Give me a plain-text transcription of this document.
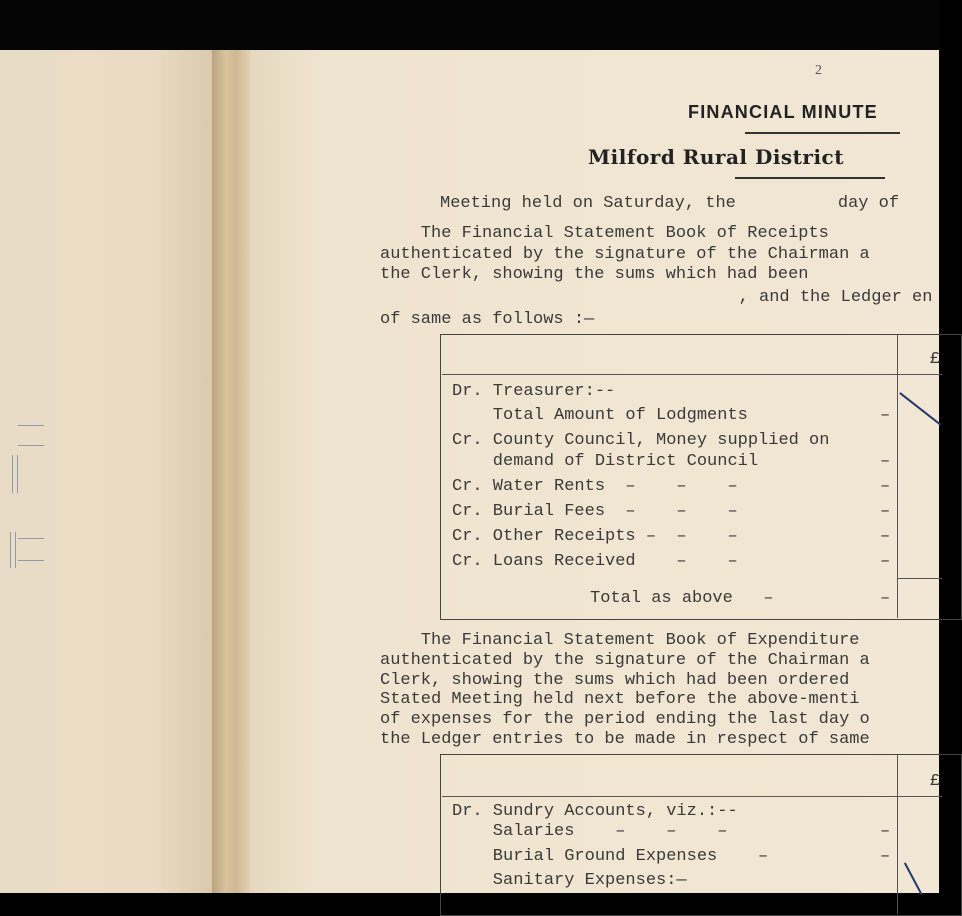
2
FINANCIAL MINUTE
Milford Rural District
Meeting held on Saturday, the          day of
The Financial Statement Book of Receipts
authenticated by the signature of the Chairman a
the Clerk, showing the sums which had been
, and the Ledger en
of same as follows :—
£
Dr. Treasurer:--
Total Amount of Lodgments	–
Cr. County Council, Money supplied on
demand of District Council	–
Cr. Water Rents  –    –    –	–
Cr. Burial Fees  –    –    –	–
Cr. Other Receipts –  –    –	–
Cr. Loans Received    –    –	–
Total as above   –	–
The Financial Statement Book of Expenditure
authenticated by the signature of the Chairman a
Clerk, showing the sums which had been ordered
Stated Meeting held next before the above-menti
of expenses for the period ending the last day o
the Ledger entries to be made in respect of same
£
Dr. Sundry Accounts, viz.:--
Salaries    –    –    –	–
Burial Ground Expenses    –	–
Sanitary Expenses:—
